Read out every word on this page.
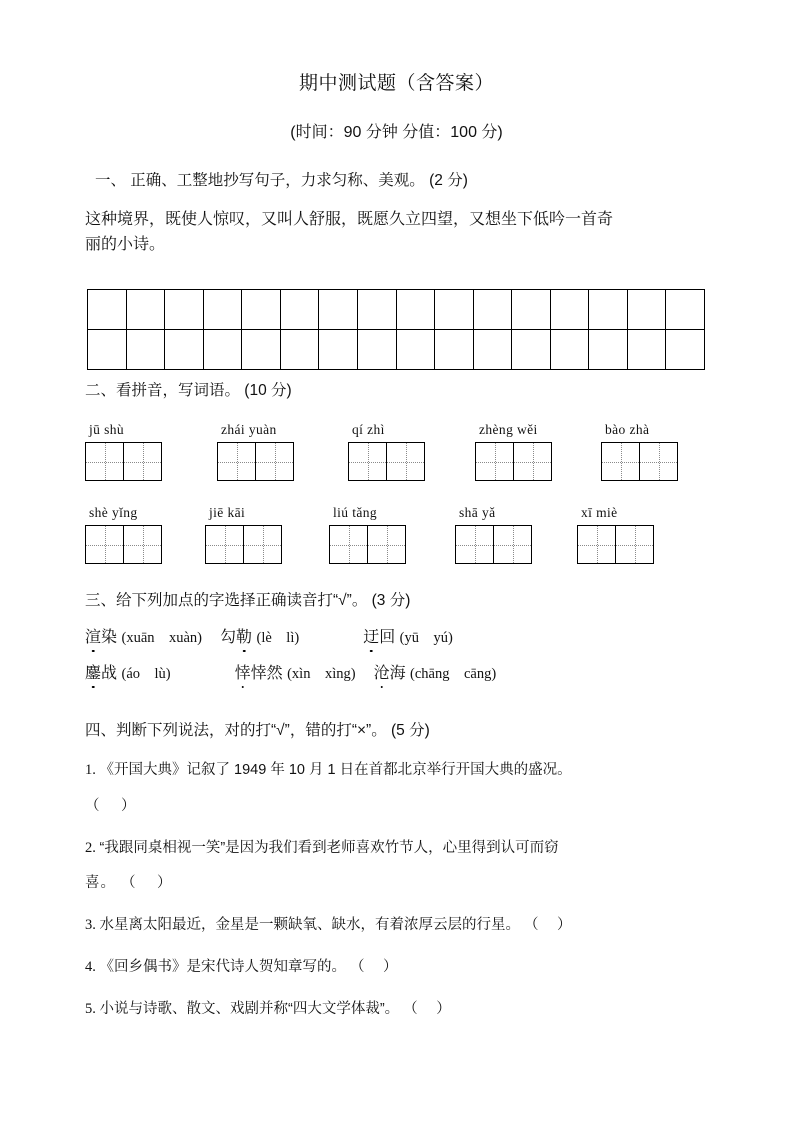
期中测试题（含答案）

(时间：90 分钟 分值：100 分)

一、 正确、工整地抄写句子，力求匀称、美观。 (2 分)

这种境界，既使人惊叹，又叫人舒服，既愿久立四望，又想坐下低吟一首奇

丽的小诗。

二、看拼音，写词语。 (10 分)

jū shù
		zhái yuàn
		qí zhì
		zhèng wěi
		bào zhà

shè yǐng
		jiē kāi
		liú tǎng
		shā yǎ
		xī miè

三、给下列加点的字选择正确读音打“√”。 (3 分)

渲染 (xuān　xuàn) 勾勒 (lè　lì)	迂回 (yū　yú)

鏖战 (áo　lù)	悻悻然 (xìn　xìng) 沧海 (chāng　cāng)

四、判断下列说法，对的打“√”，错的打“×”。 (5 分)

1. 《开国大典》记叙了 1949 年 10 月 1 日在首都北京举行开国大典的盛况。

（　 ）

2. “我跟同桌相视一笑”是因为我们看到老师喜欢竹节人，心里得到认可而窃

喜。 （　 ）

3. 水星离太阳最近，金星是一颗缺氧、缺水，有着浓厚云层的行星。 （　 ）

4. 《回乡偶书》是宋代诗人贺知章写的。 （　 ）

5. 小说与诗歌、散文、戏剧并称“四大文学体裁”。 （　 ）
